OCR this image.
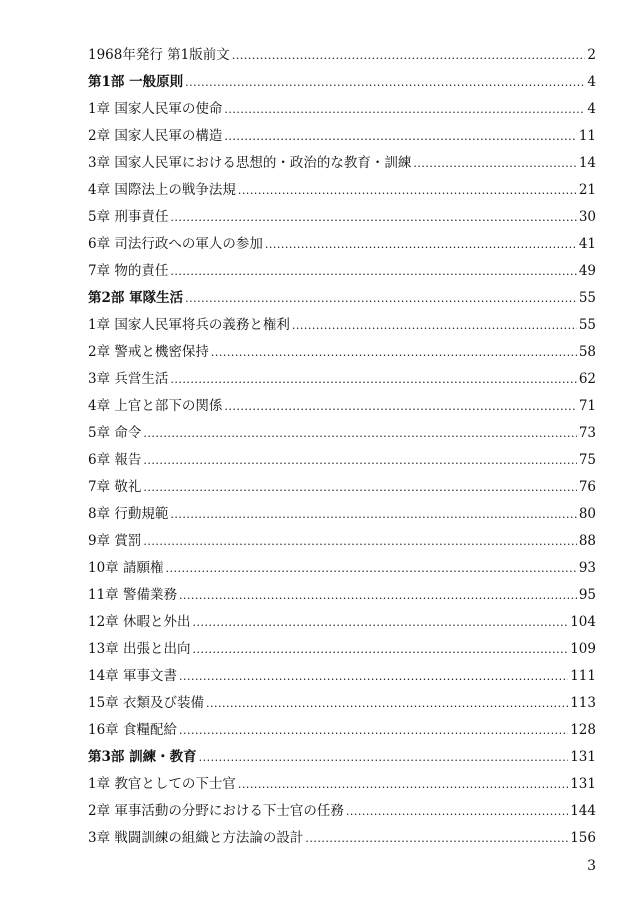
1968年発行 第1版前文 .....	2
第1部 一般原則 .....	4
1章 国家人民軍の使命 .....	4
2章 国家人民軍の構造 .....	11
3章 国家人民軍における思想的・政治的な教育・訓練 .....	14
4章 国際法上の戦争法規 .....	21
5章 刑事責任 .....	30
6章 司法行政への軍人の参加 .....	41
7章 物的責任 .....	49
第2部 軍隊生活 .....	55
1章 国家人民軍将兵の義務と権利 .....	55
2章 警戒と機密保持 .....	58
3章 兵営生活 .....	62
4章 上官と部下の関係 .....	71
5章 命令 .....	73
6章 報告 .....	75
7章 敬礼 .....	76
8章 行動規範 .....	80
9章 賞罰 .....	88
10章 請願権 .....	93
11章 警備業務 .....	95
12章 休暇と外出 .....	104
13章 出張と出向 .....	109
14章 軍事文書 .....	111
15章 衣類及び装備 .....	113
16章 食糧配給 .....	128
第3部 訓練・教育 .....	131
1章 教官としての下士官 .....	131
2章 軍事活動の分野における下士官の任務 .....	144
3章 戦闘訓練の組織と方法論の設計 .....	156
3
